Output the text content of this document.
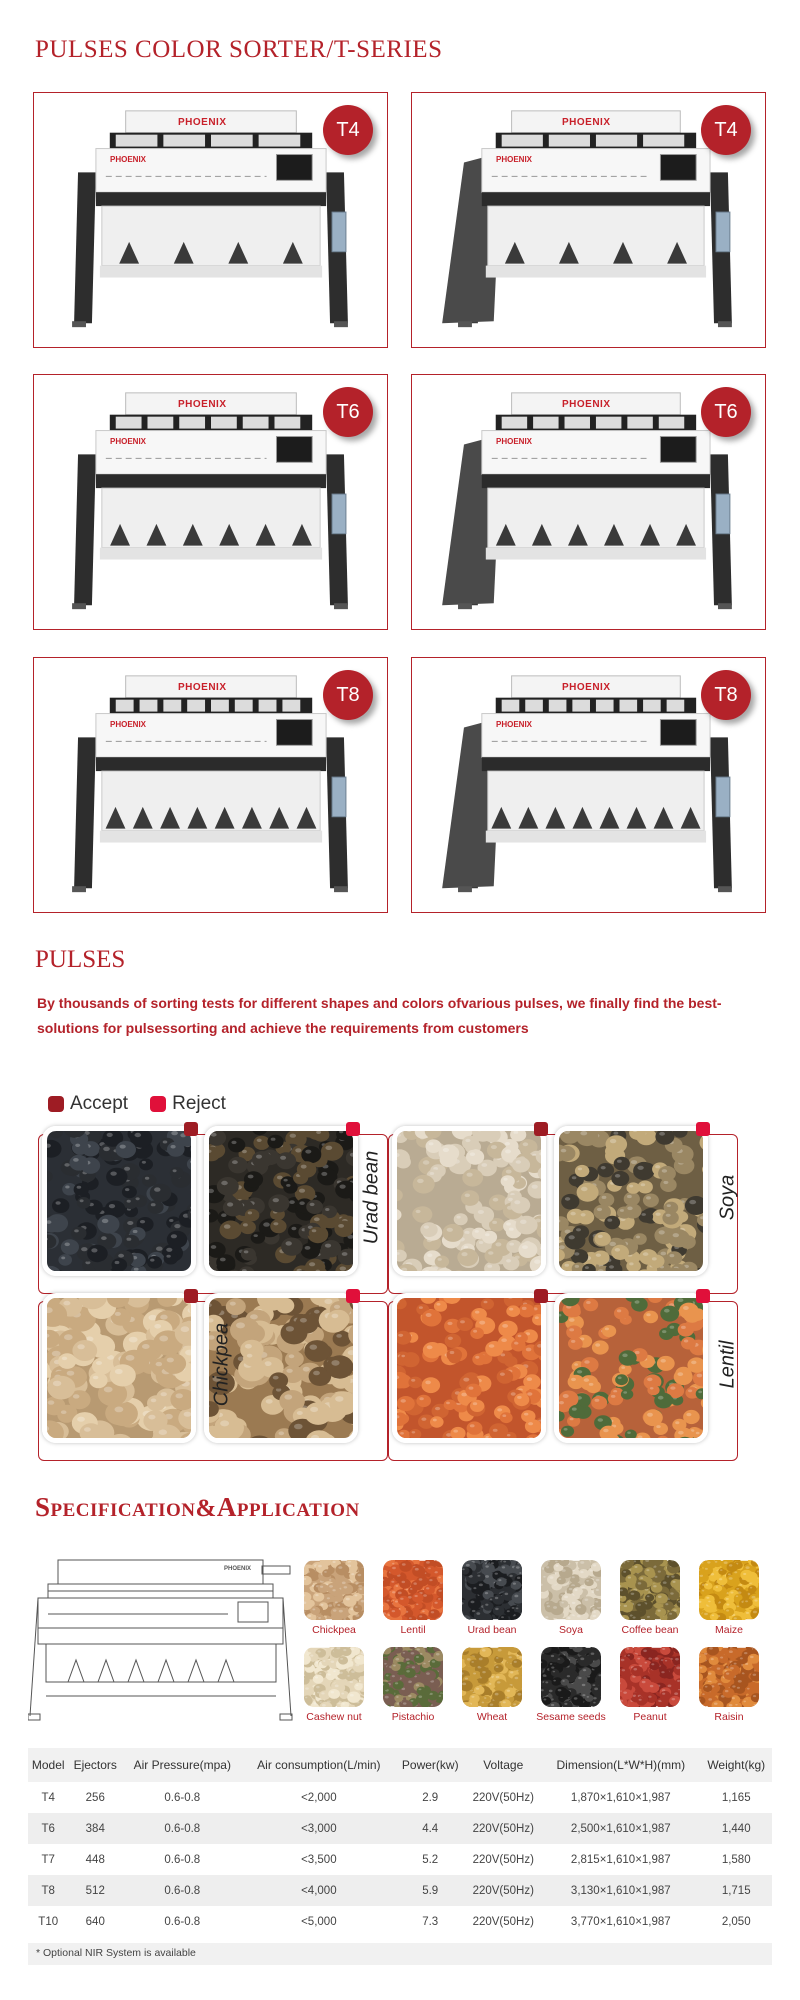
PULSES COLOR SORTER/T-SERIES
PHOENIX
PHOENIX
T4	PHOENIX
PHOENIX
T4
PHOENIX
PHOENIX
T6	PHOENIX
PHOENIX
T6
PHOENIX
PHOENIX
T8	PHOENIX
PHOENIX
T8
PULSES

By thousands of sorting tests for different shapes and colors ofvarious pulses, we finally find the best-solutions for pulsessorting and achieve the requirements from customers

Accept Reject
Urad bean	Soya
Chickpea	Lentil
SPECIFICATION&APPLICATION
PHOENIX
Chickpea	Lentil	Urad bean	Soya	Coffee bean	Maize
Cashew nut	Pistachio	Wheat	Sesame seeds	Peanut	Raisin
Model	Ejectors	Air Pressure(mpa)	Air consumption(L/min)	Power(kw)	Voltage	Dimension(L*W*H)(mm)	Weight(kg)
T4	256	0.6-0.8	<2,000	2.9	220V(50Hz)	1,870×1,610×1,987	1,165
T6	384	0.6-0.8	<3,000	4.4	220V(50Hz)	2,500×1,610×1,987	1,440
T7	448	0.6-0.8	<3,500	5.2	220V(50Hz)	2,815×1,610×1,987	1,580
T8	512	0.6-0.8	<4,000	5.9	220V(50Hz)	3,130×1,610×1,987	1,715
T10	640	0.6-0.8	<5,000	7.3	220V(50Hz)	3,770×1,610×1,987	2,050
* Optional NIR System is available
